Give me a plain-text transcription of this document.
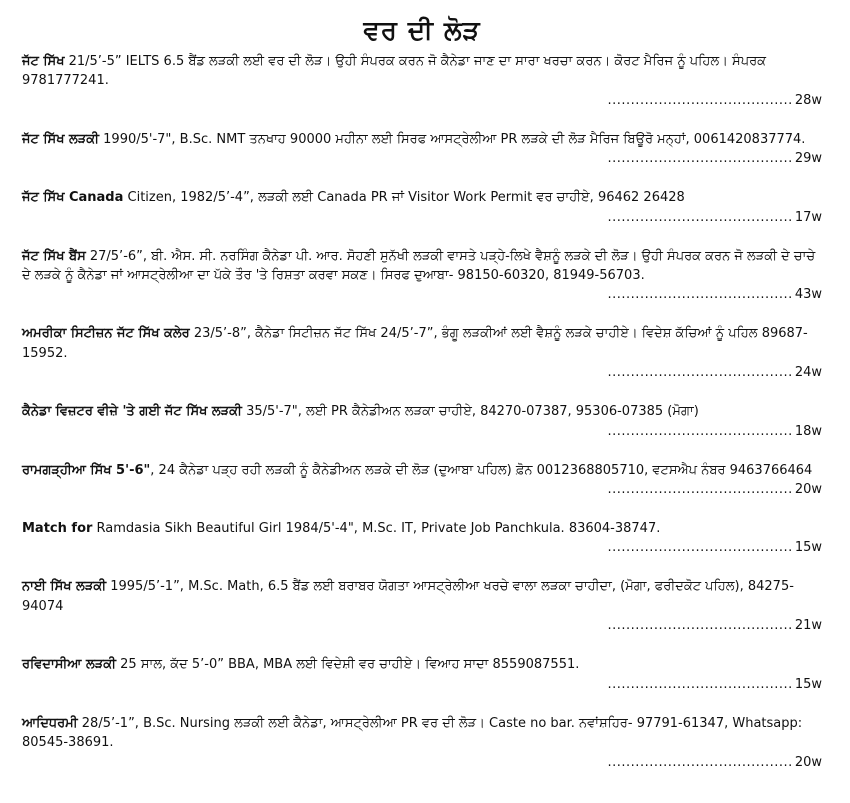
ਵਰ ਦੀ ਲੋੜ
ਜੱਟ ਸਿੱਖ 21/5’-5” IELTS 6.5 ਬੈਂਡ ਲੜਕੀ ਲਈ ਵਰ ਦੀ ਲੋੜ। ਉਹੀ ਸੰਪਰਕ ਕਰਨ ਜੋ ਕੈਨੇਡਾ ਜਾਣ ਦਾ ਸਾਰਾ ਖਰਚਾ ਕਰਨ। ਕੋਰਟ ਮੈਰਿਜ ਨੂੰ ਪਹਿਲ। ਸੰਪਰਕ 9781777241.
........................................ 28w
ਜੱਟ ਸਿੱਖ ਲੜਕੀ 1990/5'-7", B.Sc. NMT ਤਨਖਾਹ 90000 ਮਹੀਨਾ ਲਈ ਸਿਰਫ ਆਸਟ੍ਰੇਲੀਆ PR ਲੜਕੇ ਦੀ ਲੋੜ ਮੈਰਿਜ ਬਿਊਰੋ ਮਨ੍ਹਾਂ, 0061420837774.
........................................ 29w
ਜੱਟ ਸਿੱਖ Canada Citizen, 1982/5’-4”, ਲੜਕੀ ਲਈ Canada PR ਜਾਂ Visitor Work Permit ਵਰ ਚਾਹੀਏ, 96462 26428
........................................ 17w
ਜੱਟ ਸਿੱਖ ਬੈਂਸ 27/5’-6”, ਬੀ. ਐਸ. ਸੀ. ਨਰਸਿੰਗ ਕੈਨੇਡਾ ਪੀ. ਆਰ. ਸੋਹਣੀ ਸੁਨੱਖੀ ਲੜਕੀ ਵਾਸਤੇ ਪੜ੍ਹੇ-ਲਿਖੇ ਵੈਸ਼ਨੂੰ ਲੜਕੇ ਦੀ ਲੋੜ। ਉਹੀ ਸੰਪਰਕ ਕਰਨ ਜੋ ਲੜਕੀ ਦੇ ਚਾਚੇ ਦੇ ਲੜਕੇ ਨੂੰ ਕੈਨੇਡਾ ਜਾਂ ਆਸਟ੍ਰੇਲੀਆ ਦਾ ਪੱਕੇ ਤੌਰ 'ਤੇ ਰਿਸ਼ਤਾ ਕਰਵਾ ਸਕਣ। ਸਿਰਫ ਦੁਆਬਾ- 98150-60320, 81949-56703.
........................................ 43w
ਅਮਰੀਕਾ ਸਿਟੀਜ਼ਨ ਜੱਟ ਸਿੱਖ ਕਲੇਰ 23/5’-8”, ਕੈਨੇਡਾ ਸਿਟੀਜ਼ਨ ਜੱਟ ਸਿੱਖ 24/5’-7”, ਭੰਗੂ ਲੜਕੀਆਂ ਲਈ ਵੈਸ਼ਨੂੰ ਲੜਕੇ ਚਾਹੀਏ। ਵਿਦੇਸ਼ ਕੱਚਿਆਂ ਨੂੰ ਪਹਿਲ 89687-15952.
........................................ 24w
ਕੈਨੇਡਾ ਵਿਜ਼ਟਰ ਵੀਜ਼ੇ 'ਤੇ ਗਈ ਜੱਟ ਸਿੱਖ ਲੜਕੀ 35/5'-7", ਲਈ PR ਕੈਨੇਡੀਅਨ ਲੜਕਾ ਚਾਹੀਏ, 84270-07387, 95306-07385 (ਮੋਗਾ)
........................................ 18w
ਰਾਮਗੜ੍ਹੀਆ ਸਿੱਖ 5'-6", 24 ਕੈਨੇਡਾ ਪੜ੍ਹ ਰਹੀ ਲੜਕੀ ਨੂੰ ਕੈਨੇਡੀਅਨ ਲੜਕੇ ਦੀ ਲੋੜ (ਦੁਆਬਾ ਪਹਿਲ) ਫ਼ੋਨ 0012368805710, ਵਟਸਐਪ ਨੰਬਰ 9463766464
........................................ 20w
Match for Ramdasia Sikh Beautiful Girl 1984/5'-4", M.Sc. IT, Private Job Panchkula. 83604-38747.
........................................ 15w
ਨਾਈ ਸਿੱਖ ਲੜਕੀ 1995/5’-1”, M.Sc. Math, 6.5 ਬੈਂਡ ਲਈ ਬਰਾਬਰ ਯੋਗਤਾ ਆਸਟ੍ਰੇਲੀਆ ਖਰਚੇ ਵਾਲਾ ਲੜਕਾ ਚਾਹੀਦਾ, (ਮੋਗਾ, ਫਰੀਦਕੋਟ ਪਹਿਲ), 84275-94074
........................................ 21w
ਰਵਿਦਾਸੀਆ ਲੜਕੀ 25 ਸਾਲ, ਕੱਦ 5’-0” BBA, MBA ਲਈ ਵਿਦੇਸ਼ੀ ਵਰ ਚਾਹੀਏ। ਵਿਆਹ ਸਾਦਾ 8559087551.
........................................ 15w
ਆਦਿਧਰਮੀ 28/5’-1”, B.Sc. Nursing ਲੜਕੀ ਲਈ ਕੈਨੇਡਾ, ਆਸਟ੍ਰੇਲੀਆ PR ਵਰ ਦੀ ਲੋੜ। Caste no bar. ਨਵਾਂਸ਼ਹਿਰ- 97791-61347, Whatsapp: 80545-38691.
........................................ 20w
